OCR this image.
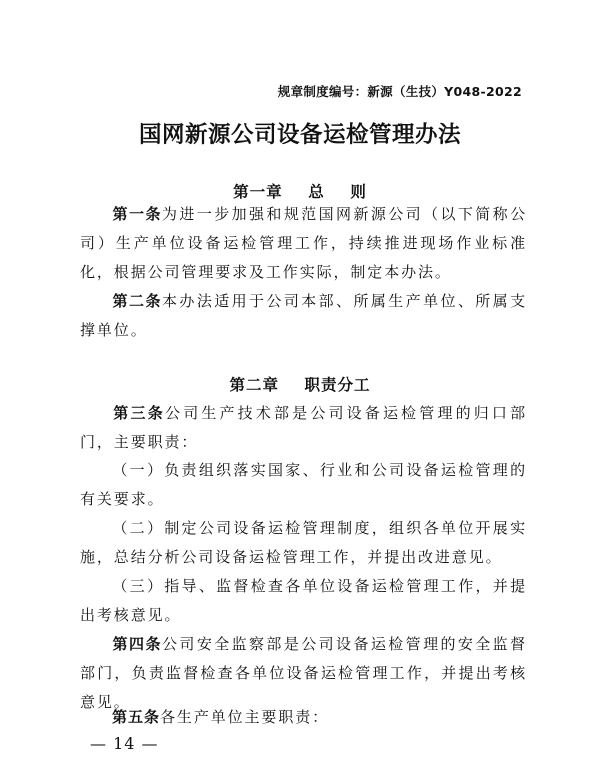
规章制度编号：新源（生技）Y048-2022
国网新源公司设备运检管理办法
第一章    总    则

第一条为进一步加强和规范国网新源公司（以下简称公司）生产单位设备运检管理工作，持续推进现场作业标准化，根据公司管理要求及工作实际，制定本办法。

第二条本办法适用于公司本部、所属生产单位、所属支撑单位。

第二章    职责分工

第三条公司生产技术部是公司设备运检管理的归口部门，主要职责：

（一）负责组织落实国家、行业和公司设备运检管理的有关要求。

（二）制定公司设备运检管理制度，组织各单位开展实施，总结分析公司设备运检管理工作，并提出改进意见。

（三）指导、监督检查各单位设备运检管理工作，并提出考核意见。

第四条公司安全监察部是公司设备运检管理的安全监督部门，负责监督检查各单位设备运检管理工作，并提出考核意见。

第五条各生产单位主要职责：

— 14 —
